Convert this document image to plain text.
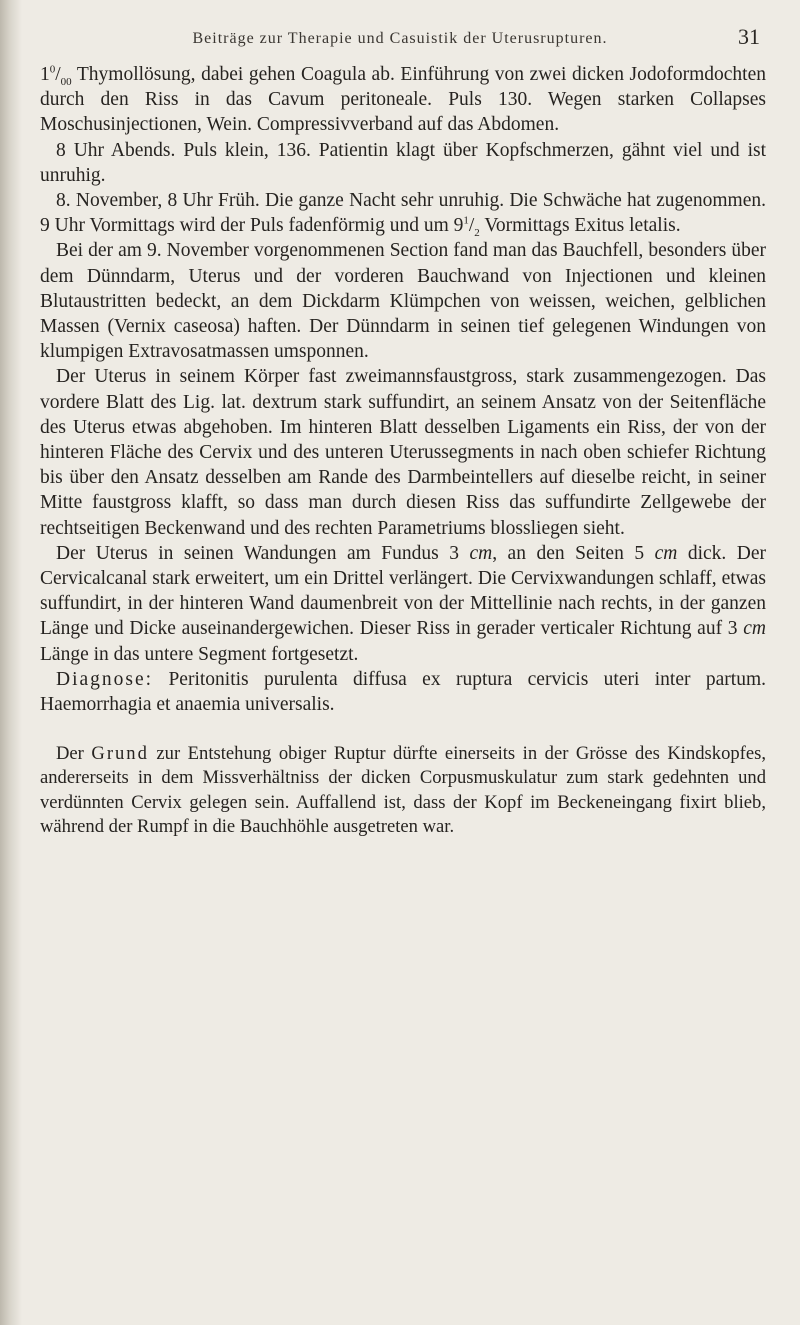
Beiträge zur Therapie und Casuistik der Uterusrupturen.	31

$1^0/_{00}$ Thymollösung, dabei gehen Coagula ab. Einführung von zwei dicken Jodoformdochten durch den Riss in das Cavum peritoneale. Puls 130. Wegen starken Collapses Moschusinjectionen, Wein. Compressivverband auf das Abdomen.

8 Uhr Abends. Puls klein, 136. Patientin klagt über Kopfschmerzen, gähnt viel und ist unruhig.

8. November, 8 Uhr Früh. Die ganze Nacht sehr unruhig. Die Schwäche hat zugenommen. 9 Uhr Vormittags wird der Puls fadenförmig und um $9^1/_2$ Vormittags Exitus letalis.

Bei der am 9. November vorgenommenen Section fand man das Bauchfell, besonders über dem Dünndarm, Uterus und der vorderen Bauchwand von Injectionen und kleinen Blutaustritten bedeckt, an dem Dickdarm Klümpchen von weissen, weichen, gelblichen Massen (Vernix caseosa) haften. Der Dünndarm in seinen tief gelegenen Windungen von klumpigen Extravosatmassen umsponnen.

Der Uterus in seinem Körper fast zweimannsfaustgross, stark zusammengezogen. Das vordere Blatt des Lig. lat. dextrum stark suffundirt, an seinem Ansatz von der Seitenfläche des Uterus etwas abgehoben. Im hinteren Blatt desselben Ligaments ein Riss, der von der hinteren Fläche des Cervix und des unteren Uterussegments in nach oben schiefer Richtung bis über den Ansatz desselben am Rande des Darmbeintellers auf dieselbe reicht, in seiner Mitte faustgross klafft, so dass man durch diesen Riss das suffundirte Zellgewebe der rechtseitigen Beckenwand und des rechten Parametriums blossliegen sieht.

Der Uterus in seinen Wandungen am Fundus 3 cm, an den Seiten 5 cm dick. Der Cervicalcanal stark erweitert, um ein Drittel verlängert. Die Cervixwandungen schlaff, etwas suffundirt, in der hinteren Wand daumenbreit von der Mittellinie nach rechts, in der ganzen Länge und Dicke auseinandergewichen. Dieser Riss in gerader verticaler Richtung auf 3 cm Länge in das untere Segment fortgesetzt.

Diagnose: Peritonitis purulenta diffusa ex ruptura cervicis uteri inter partum. Haemorrhagia et anaemia universalis.

Der Grund zur Entstehung obiger Ruptur dürfte einerseits in der Grösse des Kindskopfes, andererseits in dem Missverhältniss der dicken Corpusmuskulatur zum stark gedehnten und verdünnten Cervix gelegen sein. Auffallend ist, dass der Kopf im Beckeneingang fixirt blieb, während der Rumpf in die Bauchhöhle ausgetreten war.
